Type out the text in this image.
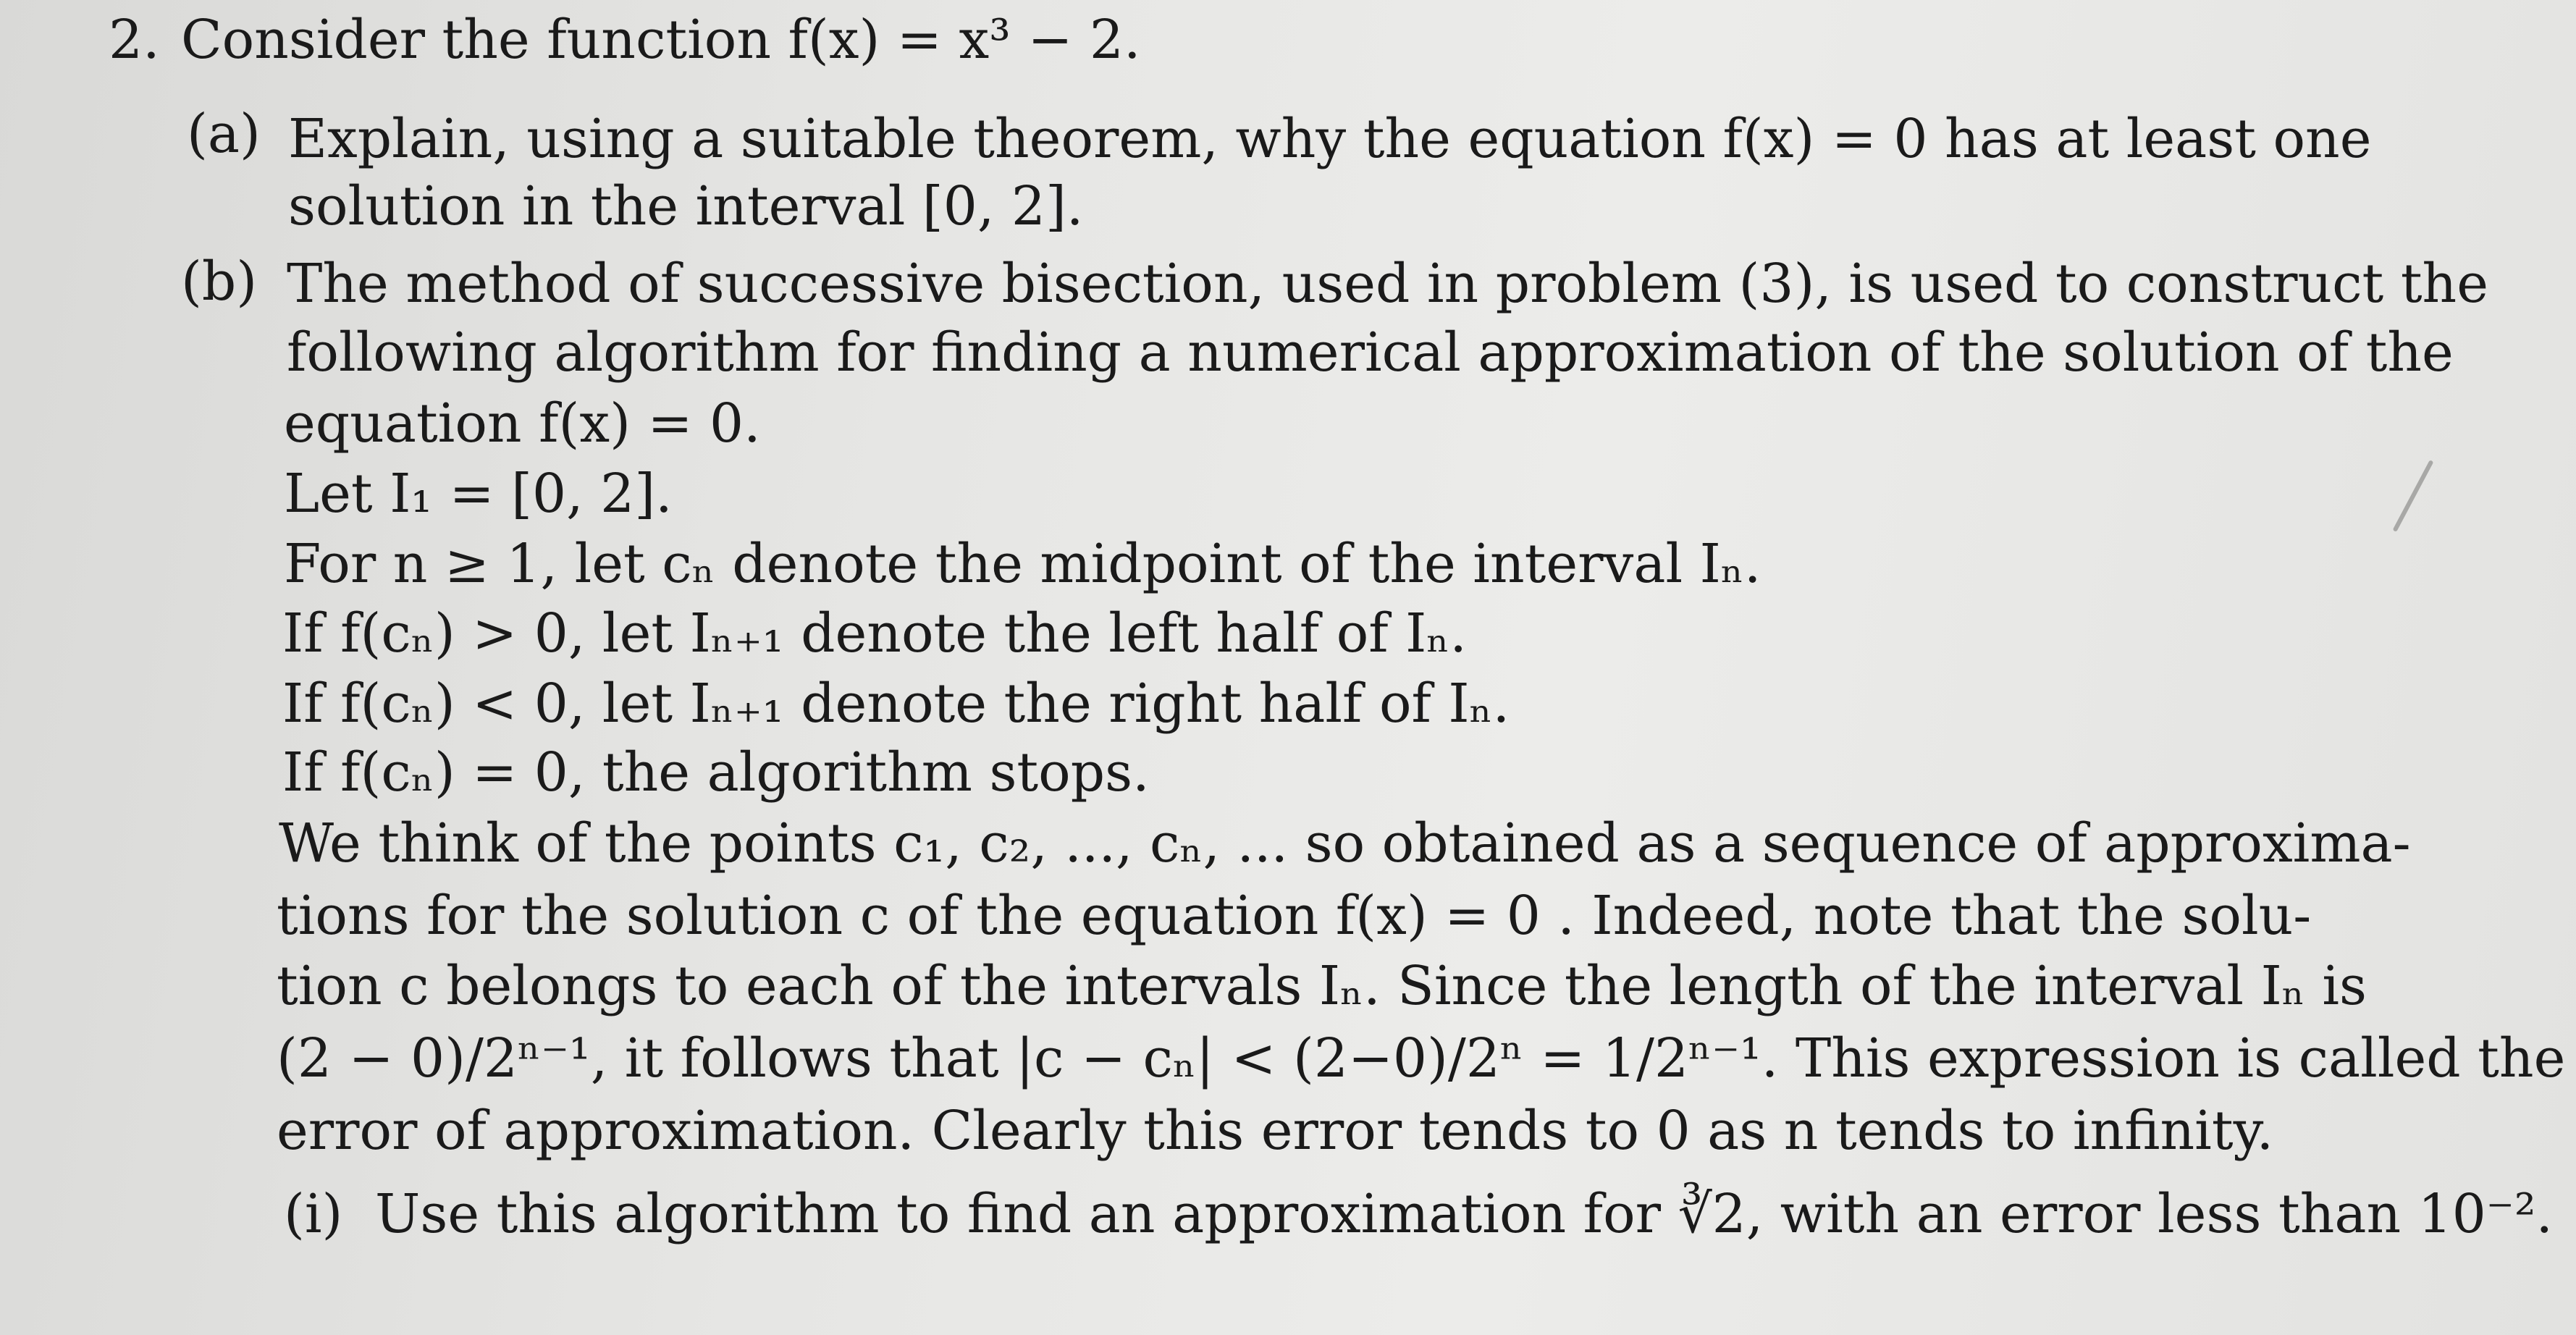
2. Consider the function f(x) = x³ − 2.
(a) Explain, using a suitable theorem, why the equation f(x) = 0 has at least one
solution in the interval [0, 2].
(b) The method of successive bisection, used in problem (3), is used to construct the
following algorithm for finding a numerical approximation of the solution of the
equation f(x) = 0.
Let I₁ = [0, 2].
For n ≥ 1, let cₙ denote the midpoint of the interval Iₙ.
If f(cₙ) > 0, let Iₙ₊₁ denote the left half of Iₙ.
If f(cₙ) < 0, let Iₙ₊₁ denote the right half of Iₙ.
If f(cₙ) = 0, the algorithm stops.
We think of the points c₁, c₂, ..., cₙ, ... so obtained as a sequence of approxima-
tions for the solution c of the equation f(x) = 0 . Indeed, note that the solu-
tion c belongs to each of the intervals Iₙ. Since the length of the interval Iₙ is
(2 − 0)/2ⁿ⁻¹, it follows that |c − cₙ| < (2−0)/2ⁿ = 1/2ⁿ⁻¹. This expression is called the
error of approximation. Clearly this error tends to 0 as n tends to infinity.
(i) Use this algorithm to find an approximation for ∛2, with an error less than 10⁻².
